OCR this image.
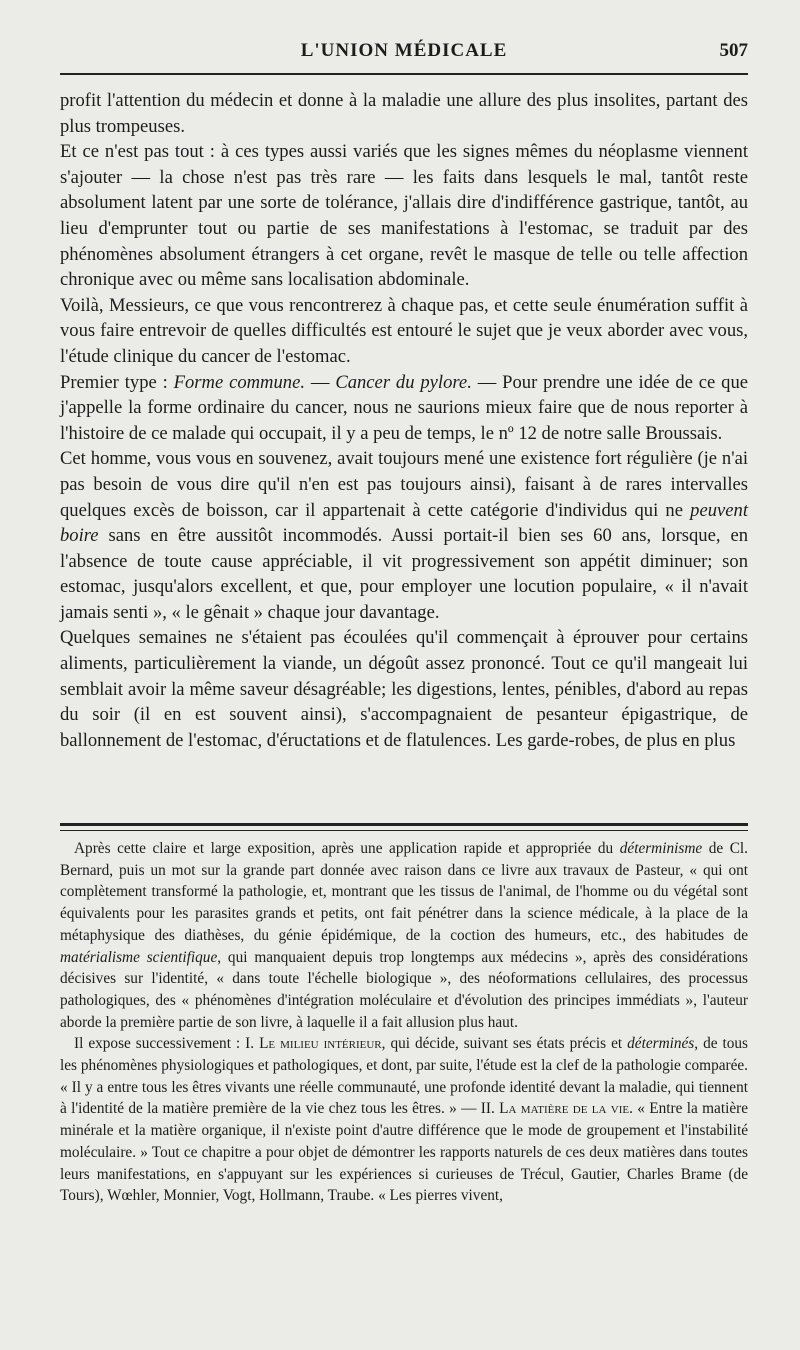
L'UNION MÉDICALE	507

profit l'attention du médecin et donne à la maladie une allure des plus insolites, partant des plus trompeuses.

Et ce n'est pas tout : à ces types aussi variés que les signes mêmes du néoplasme viennent s'ajouter — la chose n'est pas très rare — les faits dans lesquels le mal, tantôt reste absolument latent par une sorte de tolérance, j'allais dire d'indifférence gastrique, tantôt, au lieu d'emprunter tout ou partie de ses manifestations à l'estomac, se traduit par des phénomènes absolument étrangers à cet organe, revêt le masque de telle ou telle affection chronique avec ou même sans localisation abdominale.

Voilà, Messieurs, ce que vous rencontrerez à chaque pas, et cette seule énumération suffit à vous faire entrevoir de quelles difficultés est entouré le sujet que je veux aborder avec vous, l'étude clinique du cancer de l'estomac.

Premier type : Forme commune. — Cancer du pylore. — Pour prendre une idée de ce que j'appelle la forme ordinaire du cancer, nous ne saurions mieux faire que de nous reporter à l'histoire de ce malade qui occupait, il y a peu de temps, le nº 12 de notre salle Broussais.

Cet homme, vous vous en souvenez, avait toujours mené une existence fort régulière (je n'ai pas besoin de vous dire qu'il n'en est pas toujours ainsi), faisant à de rares intervalles quelques excès de boisson, car il appartenait à cette catégorie d'individus qui ne peuvent boire sans en être aussitôt incommodés. Aussi portait-il bien ses 60 ans, lorsque, en l'absence de toute cause appréciable, il vit progressivement son appétit diminuer; son estomac, jusqu'alors excellent, et que, pour employer une locution populaire, « il n'avait jamais senti », « le gênait » chaque jour davantage.

Quelques semaines ne s'étaient pas écoulées qu'il commençait à éprouver pour certains aliments, particulièrement la viande, un dégoût assez prononcé. Tout ce qu'il mangeait lui semblait avoir la même saveur désagréable; les digestions, lentes, pénibles, d'abord au repas du soir (il en est souvent ainsi), s'accompagnaient de pesanteur épigastrique, de ballonnement de l'estomac, d'éructations et de flatulences. Les garde-robes, de plus en plus

Après cette claire et large exposition, après une application rapide et appropriée du déterminisme de Cl. Bernard, puis un mot sur la grande part donnée avec raison dans ce livre aux travaux de Pasteur, « qui ont complètement transformé la pathologie, et, montrant que les tissus de l'animal, de l'homme ou du végétal sont équivalents pour les parasites grands et petits, ont fait pénétrer dans la science médicale, à la place de la métaphysique des diathèses, du génie épidémique, de la coction des humeurs, etc., des habitudes de matérialisme scientifique, qui manquaient depuis trop longtemps aux médecins », après des considérations décisives sur l'identité, « dans toute l'échelle biologique », des néoformations cellulaires, des processus pathologiques, des « phénomènes d'intégration moléculaire et d'évolution des principes immédiats », l'auteur aborde la première partie de son livre, à laquelle il a fait allusion plus haut.

Il expose successivement : I. Le milieu intérieur, qui décide, suivant ses états précis et déterminés, de tous les phénomènes physiologiques et pathologiques, et dont, par suite, l'étude est la clef de la pathologie comparée. « Il y a entre tous les êtres vivants une réelle communauté, une profonde identité devant la maladie, qui tiennent à l'identité de la matière première de la vie chez tous les êtres. » — II. La matière de la vie. « Entre la matière minérale et la matière organique, il n'existe point d'autre différence que le mode de groupement et l'instabilité moléculaire. » Tout ce chapitre a pour objet de démontrer les rapports naturels de ces deux matières dans toutes leurs manifestations, en s'appuyant sur les expériences si curieuses de Trécul, Gautier, Charles Brame (de Tours), Wœhler, Monnier, Vogt, Hollmann, Traube. « Les pierres vivent,
